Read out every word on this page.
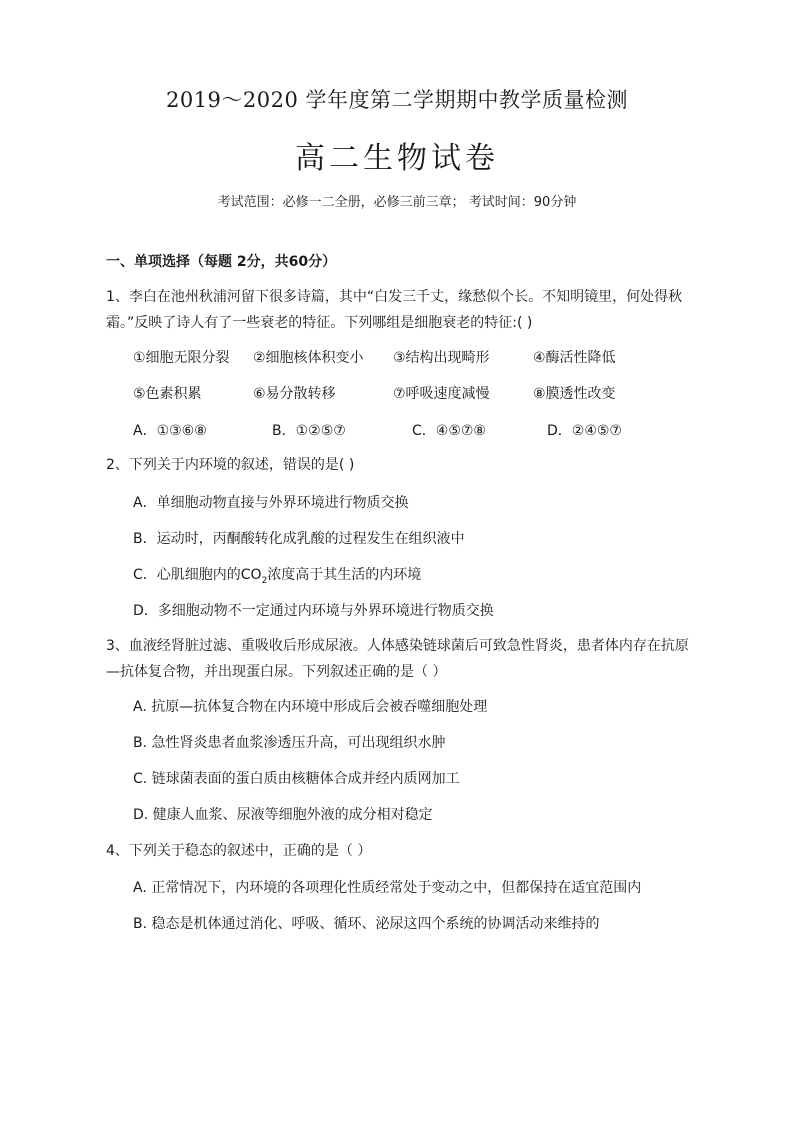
2019～2020 学年度第二学期期中教学质量检测
高二生物试卷
考试范围：必修一二全册，必修三前三章； 考试时间：90分钟
一、单项选择（每题 2分，共60分）
1、李白在池州秋浦河留下很多诗篇，其中“白发三千丈，缘愁似个长。不知明镜里，何处得秋霜。”反映了诗人有了一些衰老的特征。下列哪组是细胞衰老的特征:( )
①细胞无限分裂 ②细胞核体积变小 ③结构出现畸形	④酶活性降低
⑤色素积累	⑥易分散转移	⑦呼吸速度减慢	⑧膜透性改变
A．①③⑥⑧	B．①②⑤⑦	C．④⑤⑦⑧	D．②④⑤⑦
2、下列关于内环境的叙述，错误的是( )
A．单细胞动物直接与外界环境进行物质交换
B．运动时，丙酮酸转化成乳酸的过程发生在组织液中
C．心肌细胞内的$CO_2$浓度高于其生活的内环境
D．多细胞动物不一定通过内环境与外界环境进行物质交换
3、血液经肾脏过滤、重吸收后形成尿液。人体感染链球菌后可致急性肾炎，患者体内存在抗原—抗体复合物，并出现蛋白尿。下列叙述正确的是（ ）
A. 抗原—抗体复合物在内环境中形成后会被吞噬细胞处理
B. 急性肾炎患者血浆渗透压升高，可出现组织水肿
C. 链球菌表面的蛋白质由核糖体合成并经内质网加工
D. 健康人血浆、尿液等细胞外液的成分相对稳定
4、下列关于稳态的叙述中，正确的是（ ）
A. 正常情况下，内环境的各项理化性质经常处于变动之中，但都保持在适宜范围内
B. 稳态是机体通过消化、呼吸、循环、泌尿这四个系统的协调活动来维持的
